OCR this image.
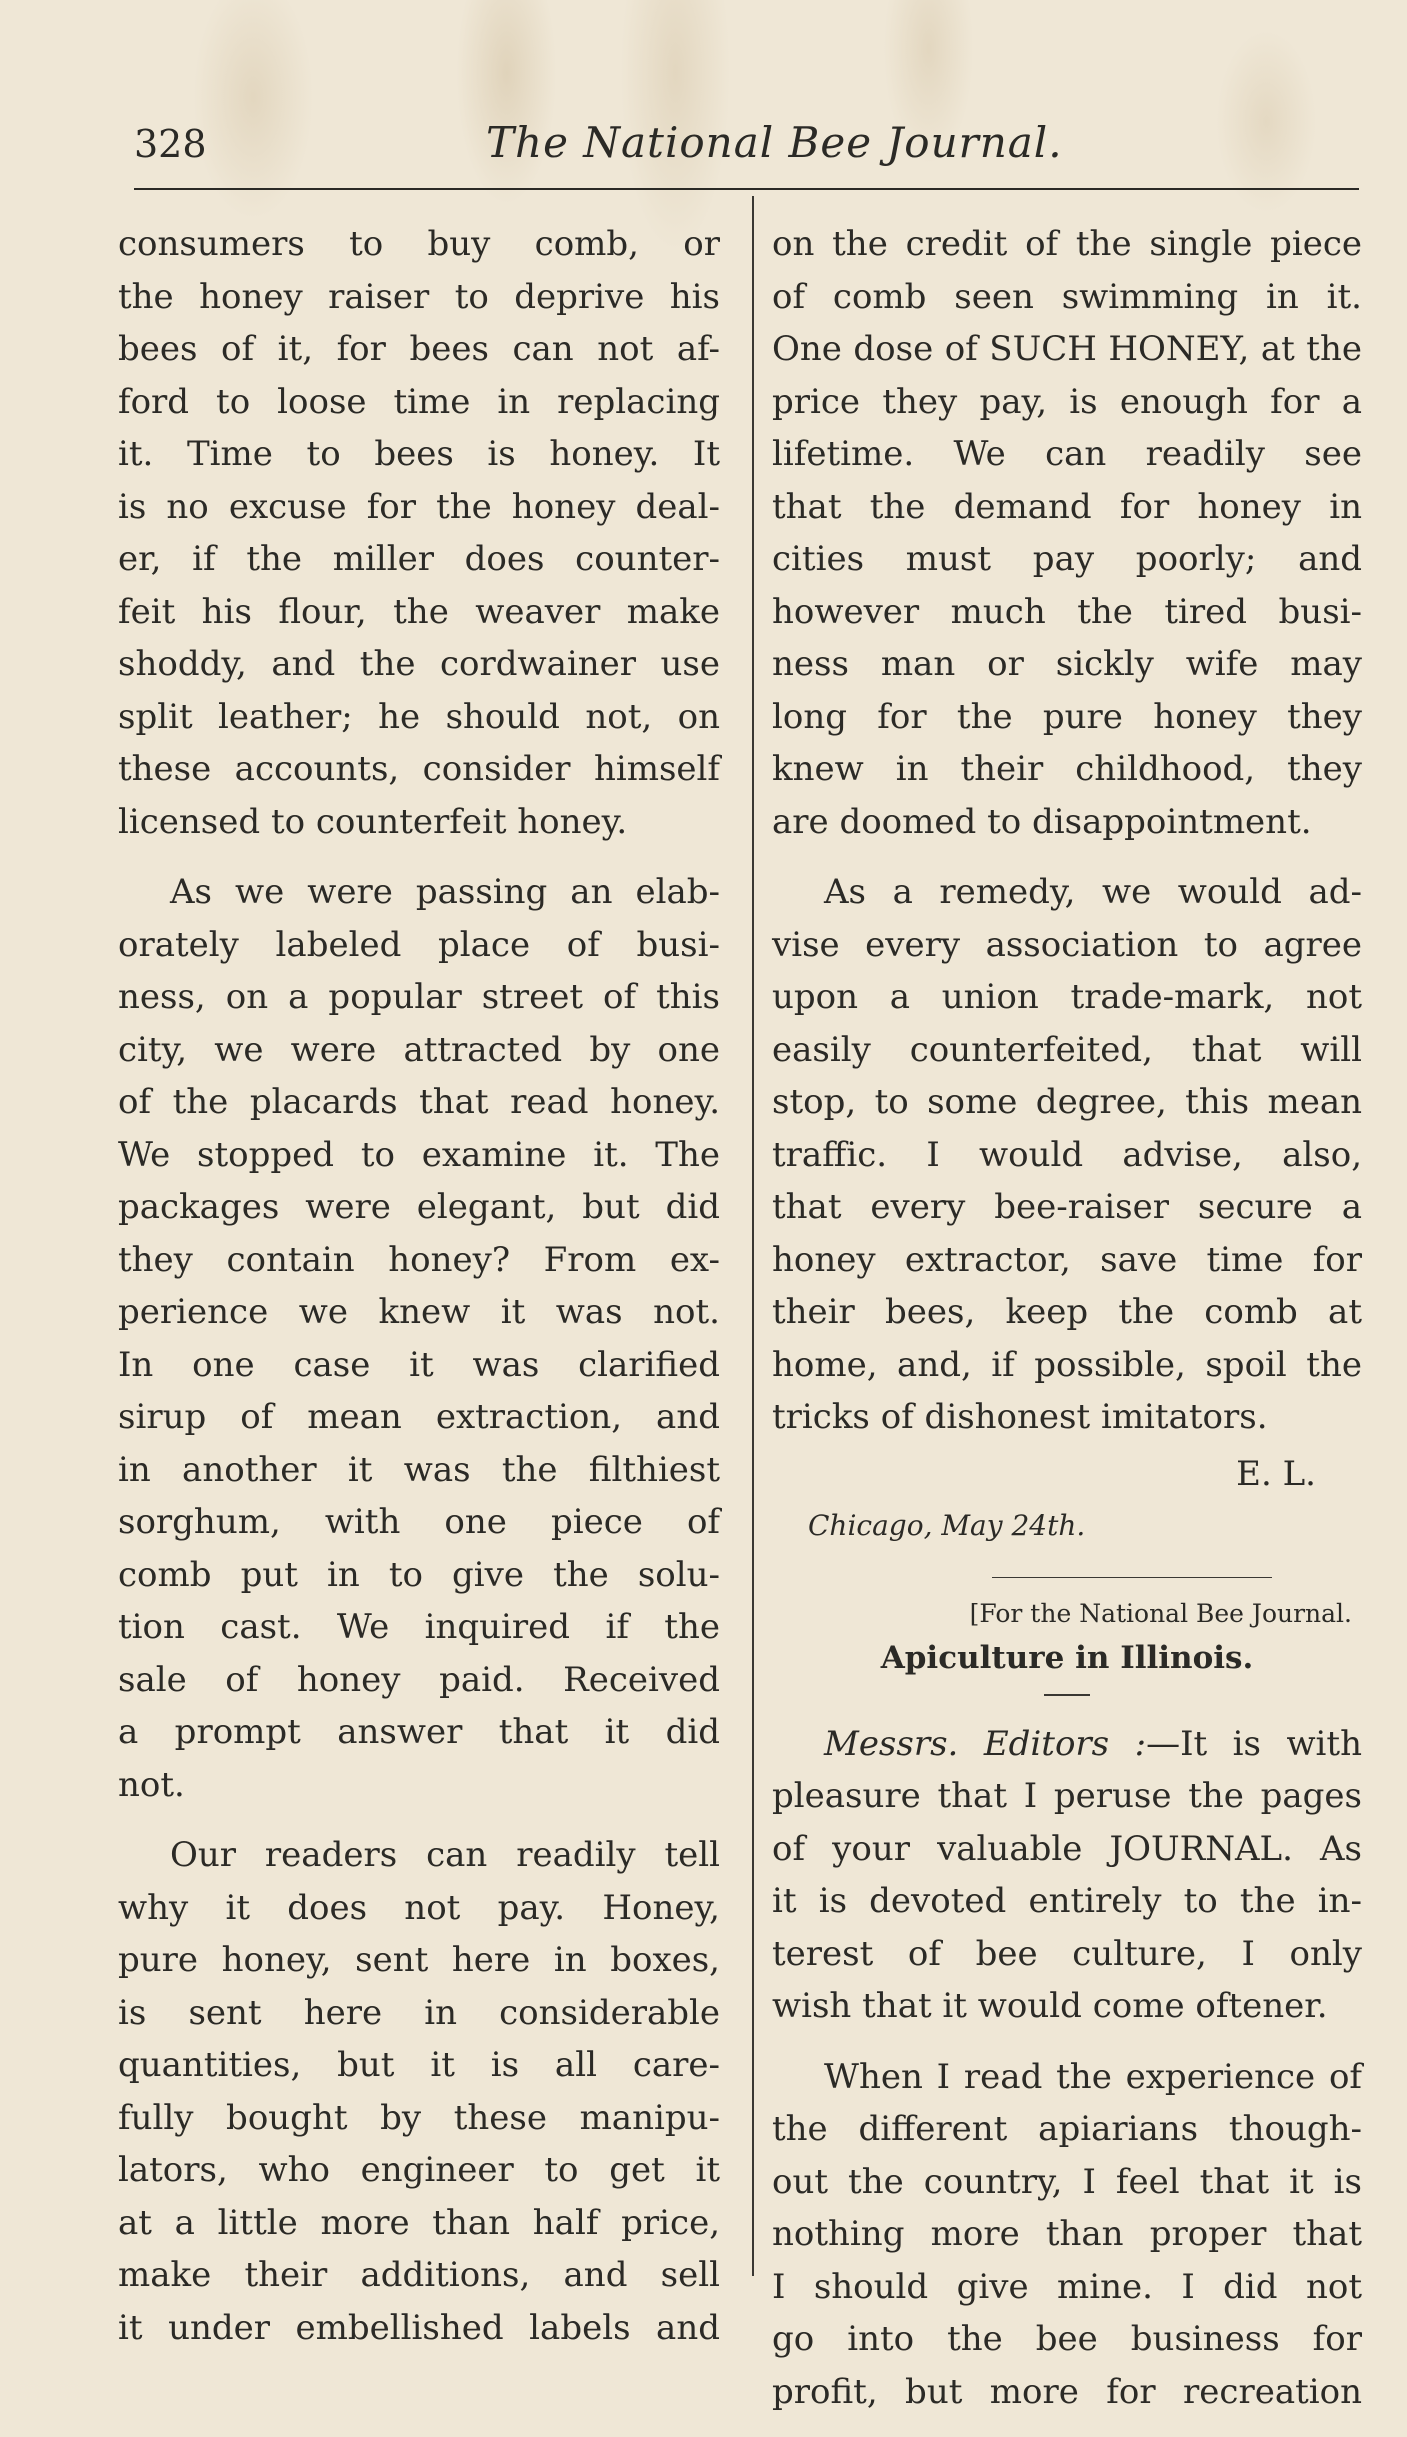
328	The National Bee Journal.

consumers to buy comb, or
the honey raiser to deprive his
bees of it, for bees can not af-
ford to loose time in replacing
it. Time to bees is honey. It
is no excuse for the honey deal-
er, if the miller does counter-
feit his flour, the weaver make
shoddy, and the cordwainer use
split leather; he should not, on
these accounts, consider himself
licensed to counterfeit honey.

As we were passing an elab-
orately labeled place of busi-
ness, on a popular street of this
city, we were attracted by one
of the placards that read honey.
We stopped to examine it. The
packages were elegant, but did
they contain honey? From ex-
perience we knew it was not.
In one case it was clarified
sirup of mean extraction, and
in another it was the filthiest
sorghum, with one piece of
comb put in to give the solu-
tion cast. We inquired if the
sale of honey paid. Received
a prompt answer that it did
not.

Our readers can readily tell
why it does not pay. Honey,
pure honey, sent here in boxes,
is sent here in considerable
quantities, but it is all care-
fully bought by these manipu-
lators, who engineer to get it
at a little more than half price,
make their additions, and sell
it under embellished labels and

on the credit of the single piece
of comb seen swimming in it.
One dose of SUCH HONEY, at the
price they pay, is enough for a
lifetime. We can readily see
that the demand for honey in
cities must pay poorly; and
however much the tired busi-
ness man or sickly wife may
long for the pure honey they
knew in their childhood, they
are doomed to disappointment.

As a remedy, we would ad-
vise every association to agree
upon a union trade-mark, not
easily counterfeited, that will
stop, to some degree, this mean
traffic. I would advise, also,
that every bee-raiser secure a
honey extractor, save time for
their bees, keep the comb at
home, and, if possible, spoil the
tricks of dishonest imitators.

E. L.
Chicago, May 24th.
[For the National Bee Journal.
Apiculture in Illinois.

Messrs. Editors :—It is with
pleasure that I peruse the pages
of your valuable JOURNAL. As
it is devoted entirely to the in-
terest of bee culture, I only
wish that it would come oftener.

When I read the experience of
the different apiarians though-
out the country, I feel that it is
nothing more than proper that
I should give mine. I did not
go into the bee business for
profit, but more for recreation
